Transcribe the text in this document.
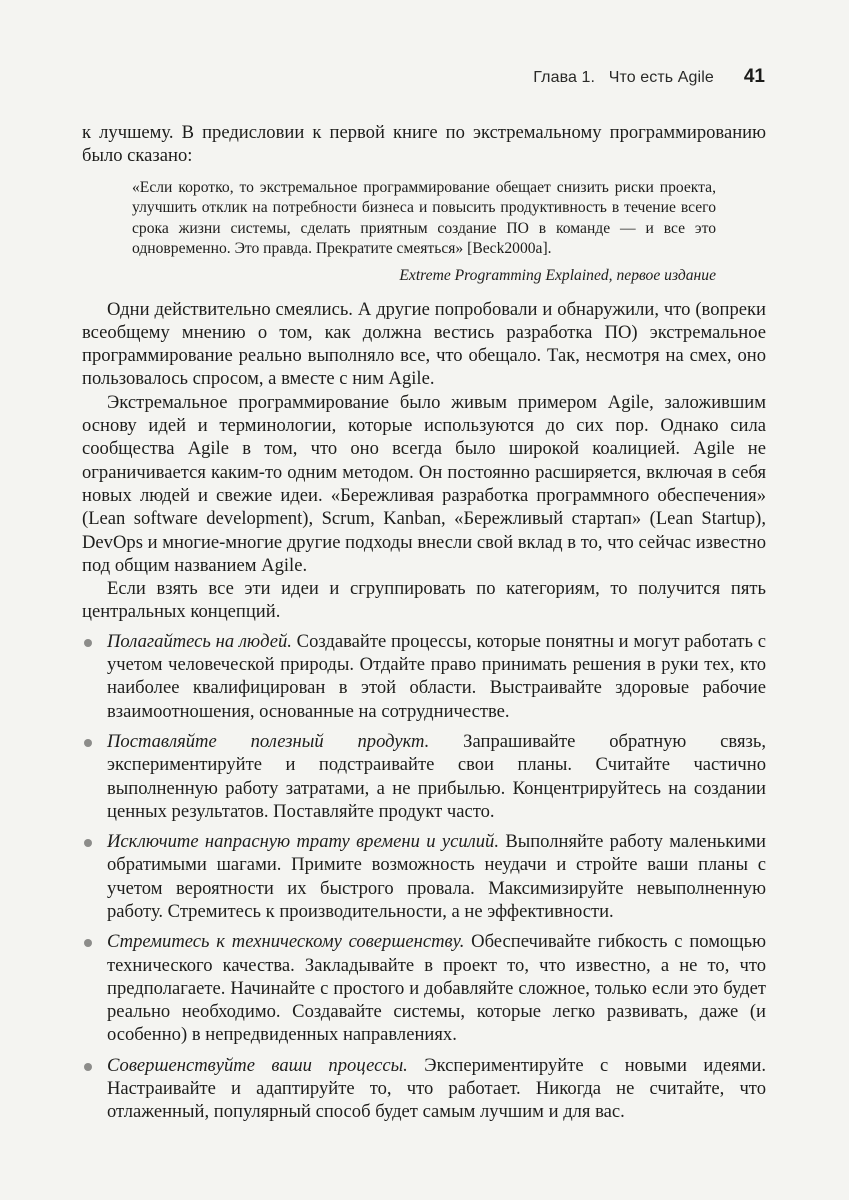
Глава 1.   Что есть Agile 41

к лучшему. В предисловии к первой книге по экстремальному программированию было сказано:

«Если коротко, то экстремальное программирование обещает снизить риски проекта, улучшить отклик на потребности бизнеса и повысить продуктивность в течение всего срока жизни системы, сделать приятным создание ПО в команде — и все это одновременно. Это правда. Прекратите смеяться» [Beck2000a].
Extreme Programming Explained, первое издание

Одни действительно смеялись. А другие попробовали и обнаружили, что (вопреки всеобщему мнению о том, как должна вестись разработка ПО) экстремальное программирование реально выполняло все, что обещало. Так, несмотря на смех, оно пользовалось спросом, а вместе с ним Agile.

Экстремальное программирование было живым примером Agile, заложившим основу идей и терминологии, которые используются до сих пор. Однако сила сообщества Agile в том, что оно всегда было широкой коалицией. Agile не ограничивается каким-то одним методом. Он постоянно расширяется, включая в себя новых людей и свежие идеи. «Бережливая разработка программного обеспечения» (Lean software development), Scrum, Kanban, «Бережливый стартап» (Lean Startup), DevOps и многие-многие другие подходы внесли свой вклад в то, что сейчас известно под общим названием Agile.

Если взять все эти идеи и сгруппировать по категориям, то получится пять центральных концепций.

Полагайтесь на людей. Создавайте процессы, которые понятны и могут работать с учетом человеческой природы. Отдайте право принимать решения в руки тех, кто наиболее квалифицирован в этой области. Выстраивайте здоровые рабочие взаимоотношения, основанные на сотрудничестве.
Поставляйте полезный продукт. Запрашивайте обратную связь, экспериментируйте и подстраивайте свои планы. Считайте частично выполненную работу затратами, а не прибылью. Концентрируйтесь на создании ценных результатов. Поставляйте продукт часто.
Исключите напрасную трату времени и усилий. Выполняйте работу маленькими обратимыми шагами. Примите возможность неудачи и стройте ваши планы с учетом вероятности их быстрого провала. Максимизируйте невыполненную работу. Стремитесь к производительности, а не эффективности.
Стремитесь к техническому совершенству. Обеспечивайте гибкость с помощью технического качества. Закладывайте в проект то, что известно, а не то, что предполагаете. Начинайте с простого и добавляйте сложное, только если это будет реально необходимо. Создавайте системы, которые легко развивать, даже (и особенно) в непредвиденных направлениях.
Совершенствуйте ваши процессы. Экспериментируйте с новыми идеями. Настраивайте и адаптируйте то, что работает. Никогда не считайте, что отлаженный, популярный способ будет самым лучшим и для вас.
